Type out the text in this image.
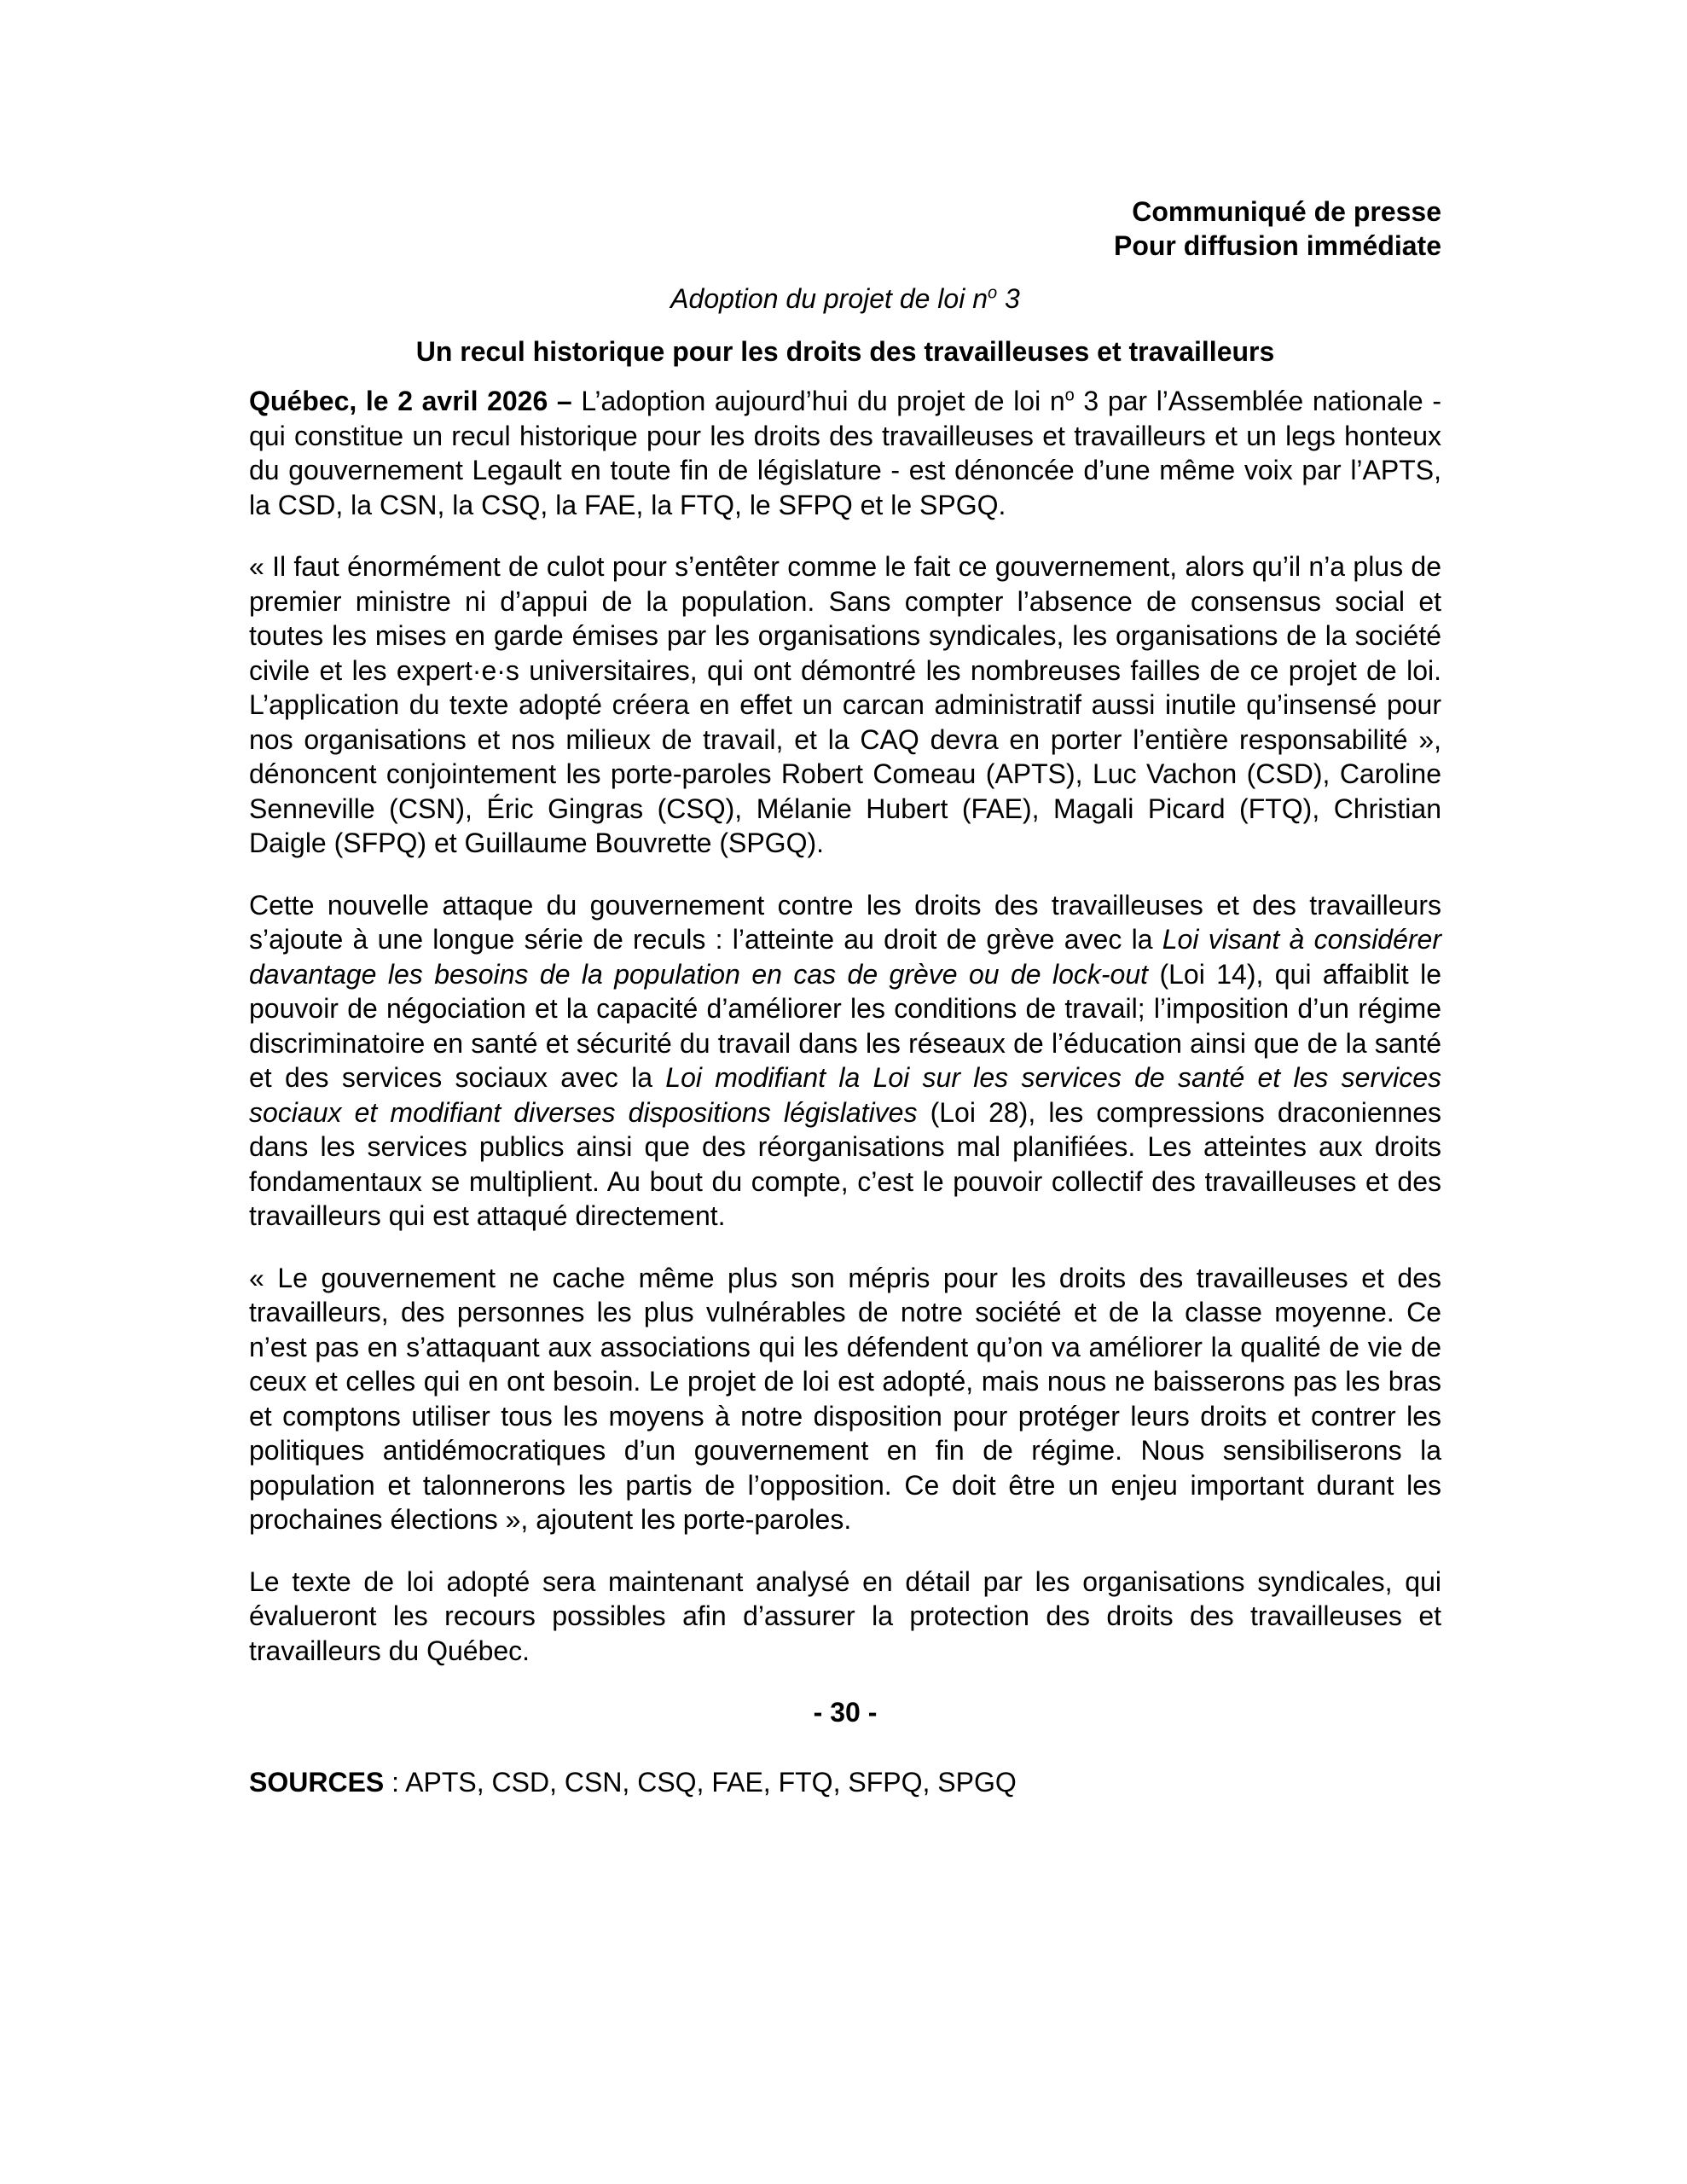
Communiqué de presse
Pour diffusion immédiate
Adoption du projet de loi $n^o$ 3
Un recul historique pour les droits des travailleuses et travailleurs

Québec, le 2 avril 2026 – L’adoption aujourd’hui du projet de loi $n^o$ 3 par l’Assemblée nationale - qui constitue un recul historique pour les droits des travailleuses et travailleurs et un legs honteux du gouvernement Legault en toute fin de législature - est dénoncée d’une même voix par l’APTS, la CSD, la CSN, la CSQ, la FAE, la FTQ, le SFPQ et le SPGQ.

« Il faut énormément de culot pour s’entêter comme le fait ce gouvernement, alors qu’il n’a plus de premier ministre ni d’appui de la population. Sans compter l’absence de consensus social et toutes les mises en garde émises par les organisations syndicales, les organisations de la société civile et les expert·e·s universitaires, qui ont démontré les nombreuses failles de ce projet de loi. L’application du texte adopté créera en effet un carcan administratif aussi inutile qu’insensé pour nos organisations et nos milieux de travail, et la CAQ devra en porter l’entière responsabilité », dénoncent conjointement les porte-paroles Robert Comeau (APTS), Luc Vachon (CSD), Caroline Senneville (CSN), Éric Gingras (CSQ), Mélanie Hubert (FAE), Magali Picard (FTQ), Christian Daigle (SFPQ) et Guillaume Bouvrette (SPGQ).

Cette nouvelle attaque du gouvernement contre les droits des travailleuses et des travailleurs s’ajoute à une longue série de reculs : l’atteinte au droit de grève avec la Loi visant à considérer davantage les besoins de la population en cas de grève ou de lock-out (Loi 14), qui affaiblit le pouvoir de négociation et la capacité d’améliorer les conditions de travail; l’imposition d’un régime discriminatoire en santé et sécurité du travail dans les réseaux de l’éducation ainsi que de la santé et des services sociaux avec la Loi modifiant la Loi sur les services de santé et les services sociaux et modifiant diverses dispositions législatives (Loi 28), les compressions draconiennes dans les services publics ainsi que des réorganisations mal planifiées. Les atteintes aux droits fondamentaux se multiplient. Au bout du compte, c’est le pouvoir collectif des travailleuses et des travailleurs qui est attaqué directement.

« Le gouvernement ne cache même plus son mépris pour les droits des travailleuses et des travailleurs, des personnes les plus vulnérables de notre société et de la classe moyenne. Ce n’est pas en s’attaquant aux associations qui les défendent qu’on va améliorer la qualité de vie de ceux et celles qui en ont besoin. Le projet de loi est adopté, mais nous ne baisserons pas les bras et comptons utiliser tous les moyens à notre disposition pour protéger leurs droits et contrer les politiques antidémocratiques d’un gouvernement en fin de régime. Nous sensibiliserons la population et talonnerons les partis de l’opposition. Ce doit être un enjeu important durant les prochaines élections », ajoutent les porte-paroles.

Le texte de loi adopté sera maintenant analysé en détail par les organisations syndicales, qui évalueront les recours possibles afin d’assurer la protection des droits des travailleuses et travailleurs du Québec.

- 30 -
SOURCES : APTS, CSD, CSN, CSQ, FAE, FTQ, SFPQ, SPGQ
